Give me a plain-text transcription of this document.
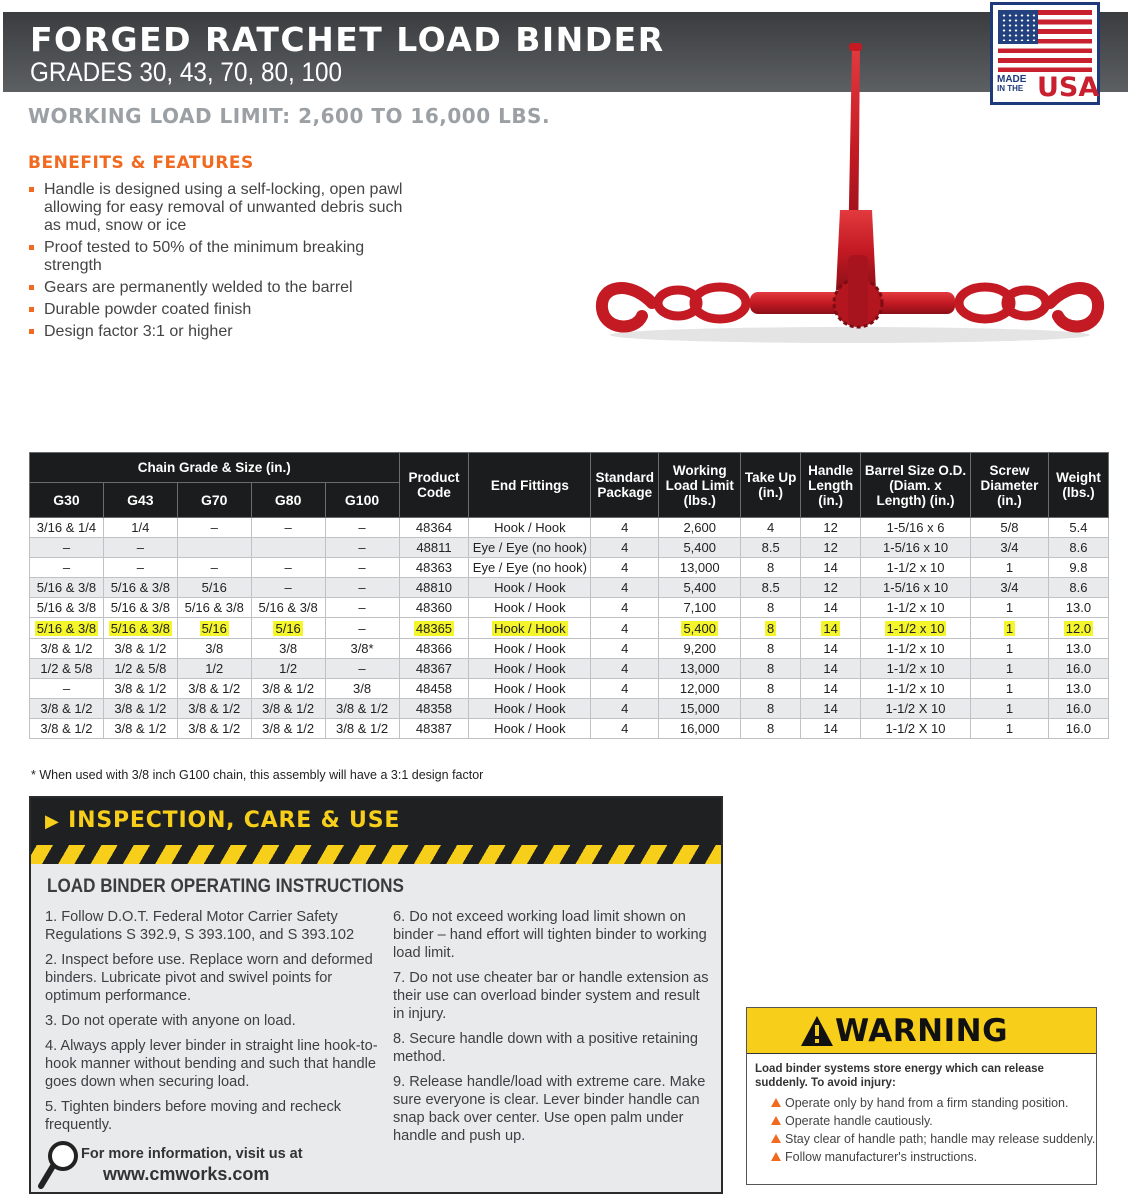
FORGED RATCHET LOAD BINDER
GRADES 30, 43, 70, 80, 100	MADE
IN THE USA
WORKING LOAD LIMIT: 2,600 TO 16,000 LBS.
BENEFITS & FEATURES
Handle is designed using a self-locking, open pawl allowing for easy removal of unwanted debris such as mud, snow or ice
Proof tested to 50% of the minimum breaking strength
Gears are permanently welded to the barrel
Durable powder coated finish
Design factor 3:1 or higher
Chain Grade & Size (in.)					Product Code	End Fittings	Standard Package	Working Load Limit (lbs.)	Take Up (in.)	Handle Length (in.)	Barrel Size O.D. (Diam. x Length) (in.)	Screw Diameter (in.)	Weight (lbs.)
G30	G43	G70	G80	G100									
3/16 & 1/4	1/4	–	–	–	48364	Hook / Hook	4	2,600	4	12	1-5/16 x 6	5/8	5.4
–	–			–	48811	Eye / Eye (no hook)	4	5,400	8.5	12	1-5/16 x 10	3/4	8.6
–	–	–	–	–	48363	Eye / Eye (no hook)	4	13,000	8	14	1-1/2 x 10	1	9.8
5/16 & 3/8	5/16 & 3/8	5/16	–	–	48810	Hook / Hook	4	5,400	8.5	12	1-5/16 x 10	3/4	8.6
5/16 & 3/8	5/16 & 3/8	5/16 & 3/8	5/16 & 3/8	–	48360	Hook / Hook	4	7,100	8	14	1-1/2 x 10	1	13.0
5/16 & 3/8	5/16 & 3/8	5/16	5/16	–	48365	Hook / Hook	4	5,400	8	14	1-1/2 x 10	1	12.0
3/8 & 1/2	3/8 & 1/2	3/8	3/8	3/8*	48366	Hook / Hook	4	9,200	8	14	1-1/2 x 10	1	13.0
1/2 & 5/8	1/2 & 5/8	1/2	1/2	–	48367	Hook / Hook	4	13,000	8	14	1-1/2 x 10	1	16.0
–	3/8 & 1/2	3/8 & 1/2	3/8 & 1/2	3/8	48458	Hook / Hook	4	12,000	8	14	1-1/2 x 10	1	13.0
3/8 & 1/2	3/8 & 1/2	3/8 & 1/2	3/8 & 1/2	3/8 & 1/2	48358	Hook / Hook	4	15,000	8	14	1-1/2 X 10	1	16.0
3/8 & 1/2	3/8 & 1/2	3/8 & 1/2	3/8 & 1/2	3/8 & 1/2	48387	Hook / Hook	4	16,000	8	14	1-1/2 X 10	1	16.0
* When used with 3/8 inch G100 chain, this assembly will have a 3:1 design factor
▶ INSPECTION, CARE & USE
LOAD BINDER OPERATING INSTRUCTIONS
1. Follow D.O.T. Federal Motor Carrier Safety Regulations S 392.9, S 393.100, and S 393.102
2. Inspect before use. Replace worn and deformed binders. Lubricate pivot and swivel points for optimum performance.
3. Do not operate with anyone on load.
4. Always apply lever binder in straight line hook-to-hook manner without bending and such that handle goes down when securing load.
5. Tighten binders before moving and recheck frequently.
6. Do not exceed working load limit shown on binder – hand effort will tighten binder to working load limit.
7. Do not use cheater bar or handle extension as their use can overload binder system and result in injury.
8. Secure handle down with a positive retaining method.
9. Release handle/load with extreme care. Make sure everyone is clear. Lever binder handle can snap back over center. Use open palm under handle and push up.
For more information, visit us at
www.cmworks.com
WARNING
Load binder systems store energy which can release suddenly. To avoid injury:
Operate only by hand from a firm standing position.
Operate handle cautiously.
Stay clear of handle path; handle may release suddenly.
Follow manufacturer's instructions.
